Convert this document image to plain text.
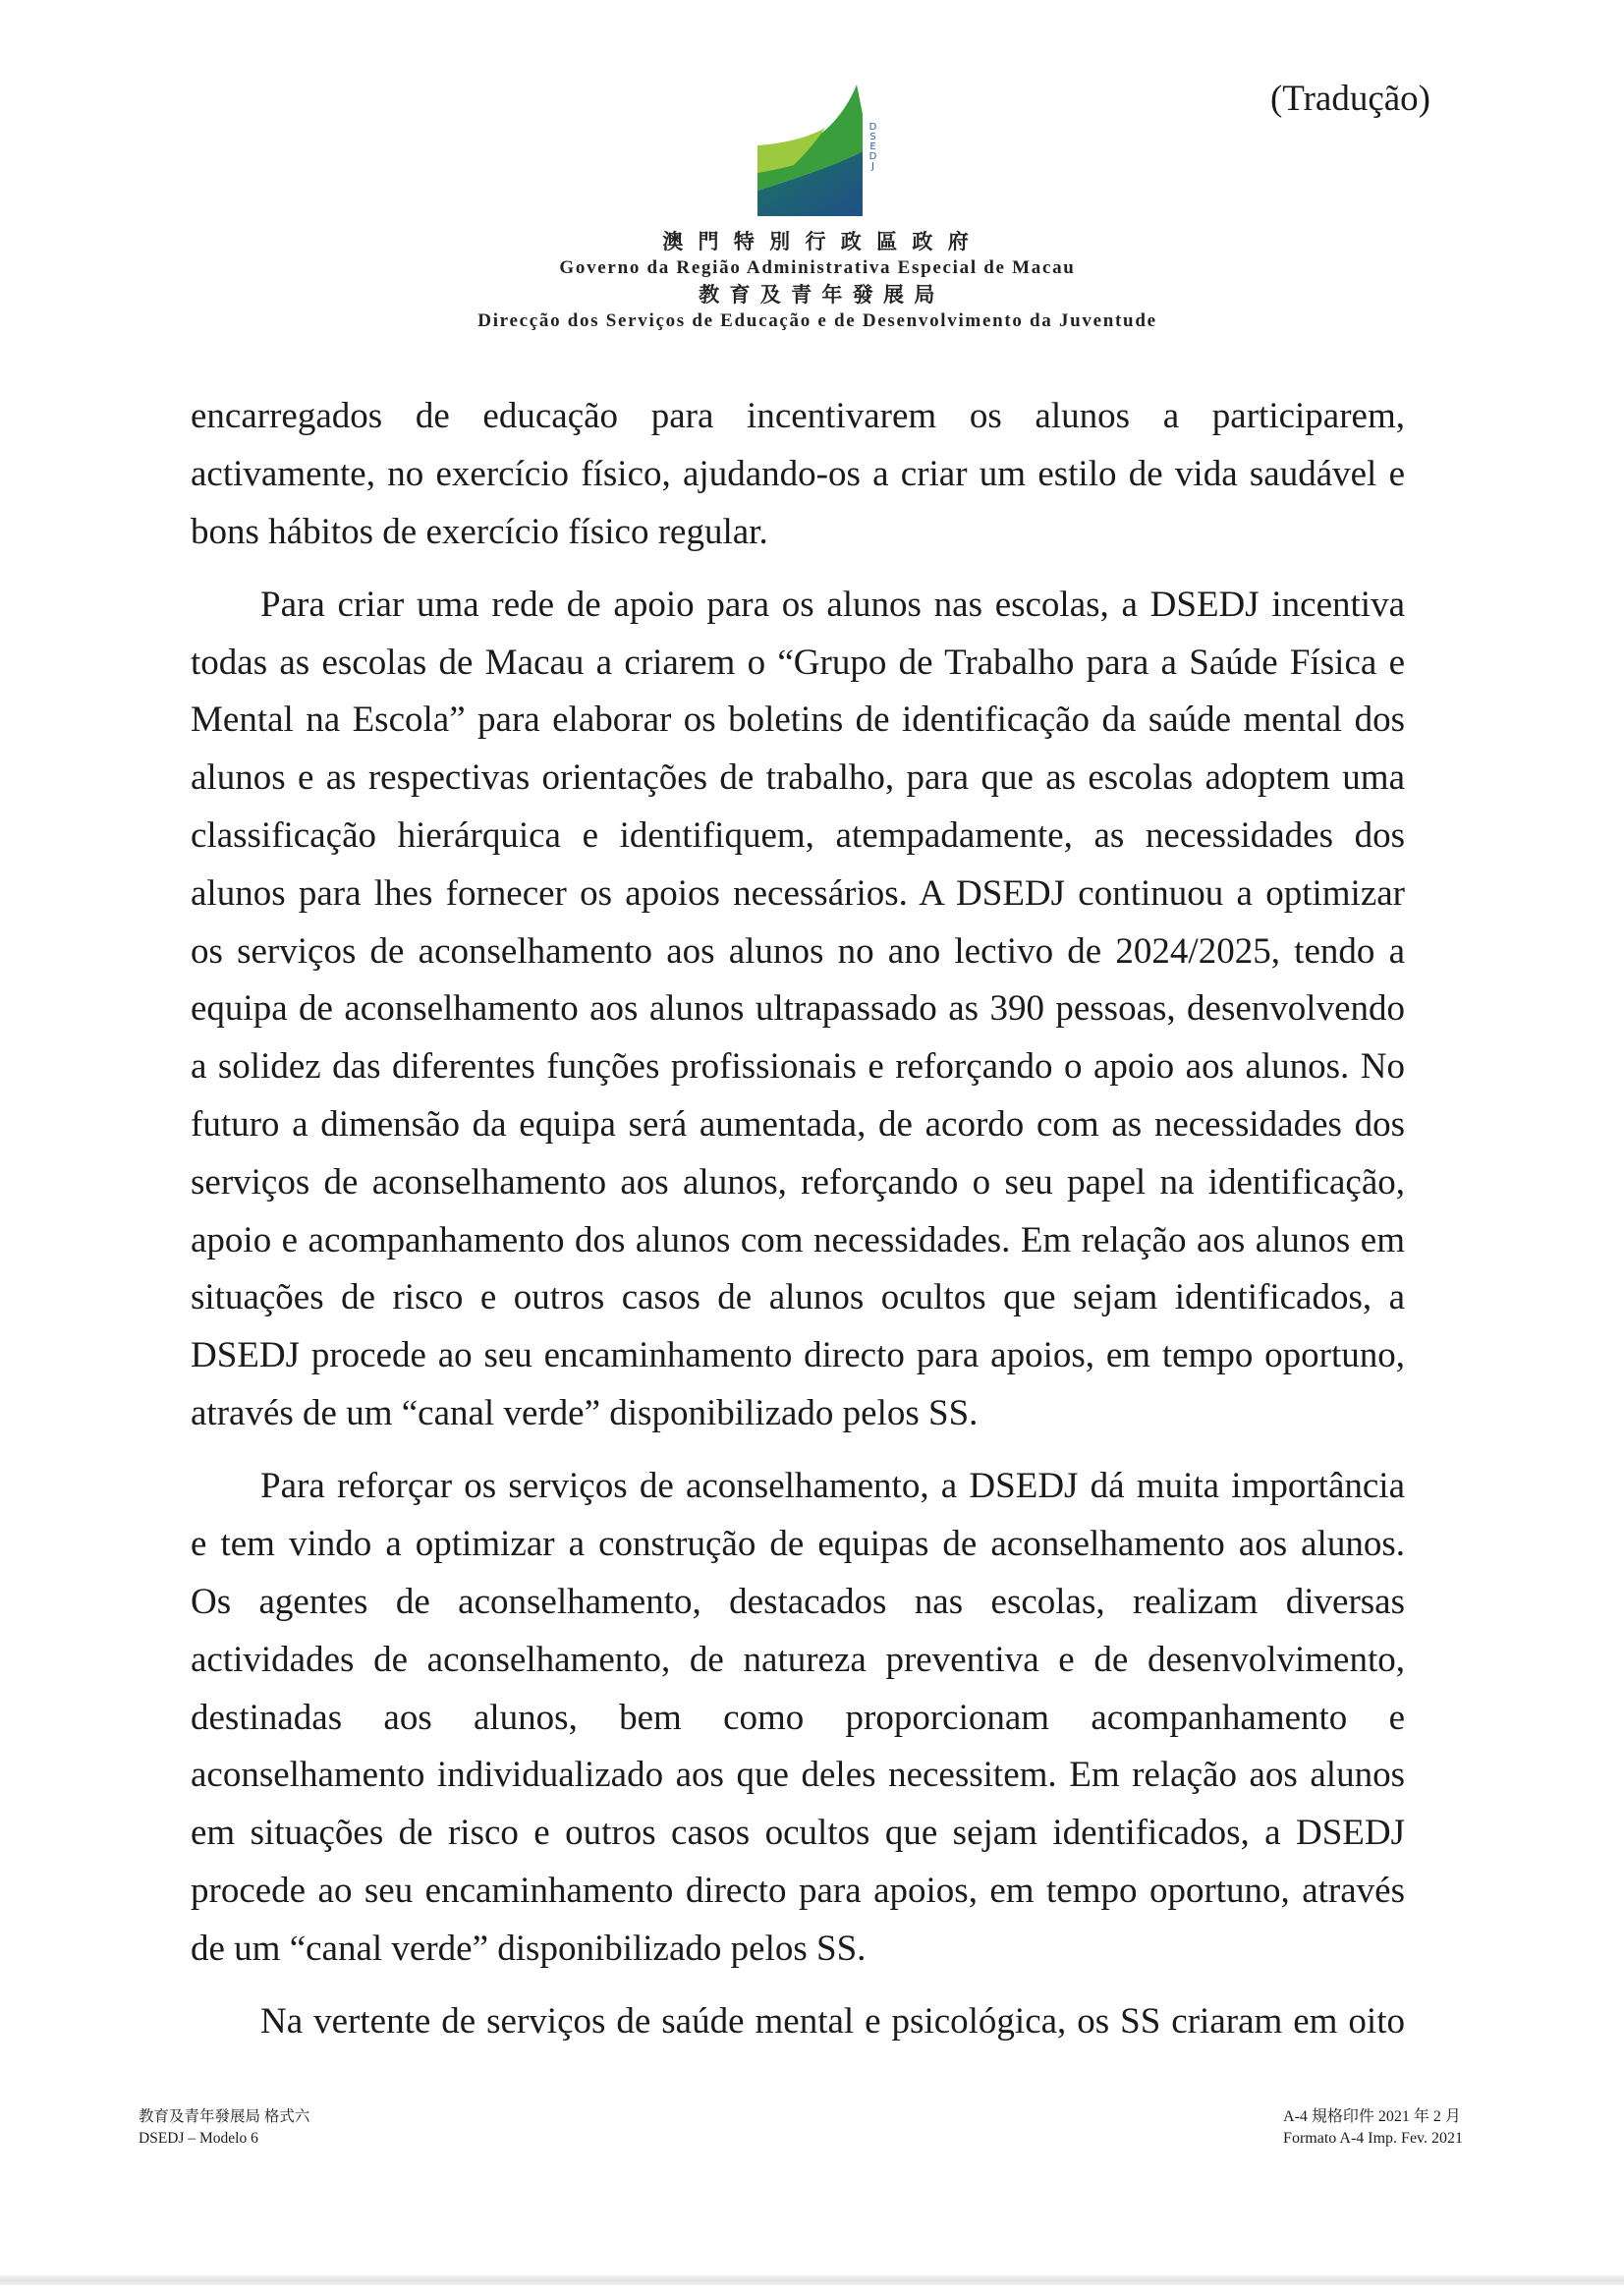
(Tradução)
DSEDJ
澳 門 特 別 行 政 區 政 府
Governo da Região Administrativa Especial de Macau
教 育 及 青 年 發 展 局
Direcção dos Serviços de Educação e de Desenvolvimento da Juventude
encarregados de educação para incentivarem os alunos a participarem,
activamente, no exercício físico, ajudando-os a criar um estilo de vida saudável e
bons hábitos de exercício físico regular.
Para criar uma rede de apoio para os alunos nas escolas, a DSEDJ incentiva
todas as escolas de Macau a criarem o “Grupo de Trabalho para a Saúde Física e
Mental na Escola” para elaborar os boletins de identificação da saúde mental dos
alunos e as respectivas orientações de trabalho, para que as escolas adoptem uma
classificação hierárquica e identifiquem, atempadamente, as necessidades dos
alunos para lhes fornecer os apoios necessários. A DSEDJ continuou a optimizar
os serviços de aconselhamento aos alunos no ano lectivo de 2024/2025, tendo a
equipa de aconselhamento aos alunos ultrapassado as 390 pessoas, desenvolvendo
a solidez das diferentes funções profissionais e reforçando o apoio aos alunos. No
futuro a dimensão da equipa será aumentada, de acordo com as necessidades dos
serviços de aconselhamento aos alunos, reforçando o seu papel na identificação,
apoio e acompanhamento dos alunos com necessidades. Em relação aos alunos em
situações de risco e outros casos de alunos ocultos que sejam identificados, a
DSEDJ procede ao seu encaminhamento directo para apoios, em tempo oportuno,
através de um “canal verde” disponibilizado pelos SS.
Para reforçar os serviços de aconselhamento, a DSEDJ dá muita importância
e tem vindo a optimizar a construção de equipas de aconselhamento aos alunos.
Os agentes de aconselhamento, destacados nas escolas, realizam diversas
actividades de aconselhamento, de natureza preventiva e de desenvolvimento,
destinadas aos alunos, bem como proporcionam acompanhamento e
aconselhamento individualizado aos que deles necessitem. Em relação aos alunos
em situações de risco e outros casos ocultos que sejam identificados, a DSEDJ
procede ao seu encaminhamento directo para apoios, em tempo oportuno, através
de um “canal verde” disponibilizado pelos SS.
Na vertente de serviços de saúde mental e psicológica, os SS criaram em oito
教育及青年發展局 格式六
DSEDJ – Modelo 6
A-4 規格印件 2021 年 2 月
Formato A-4 Imp. Fev. 2021
